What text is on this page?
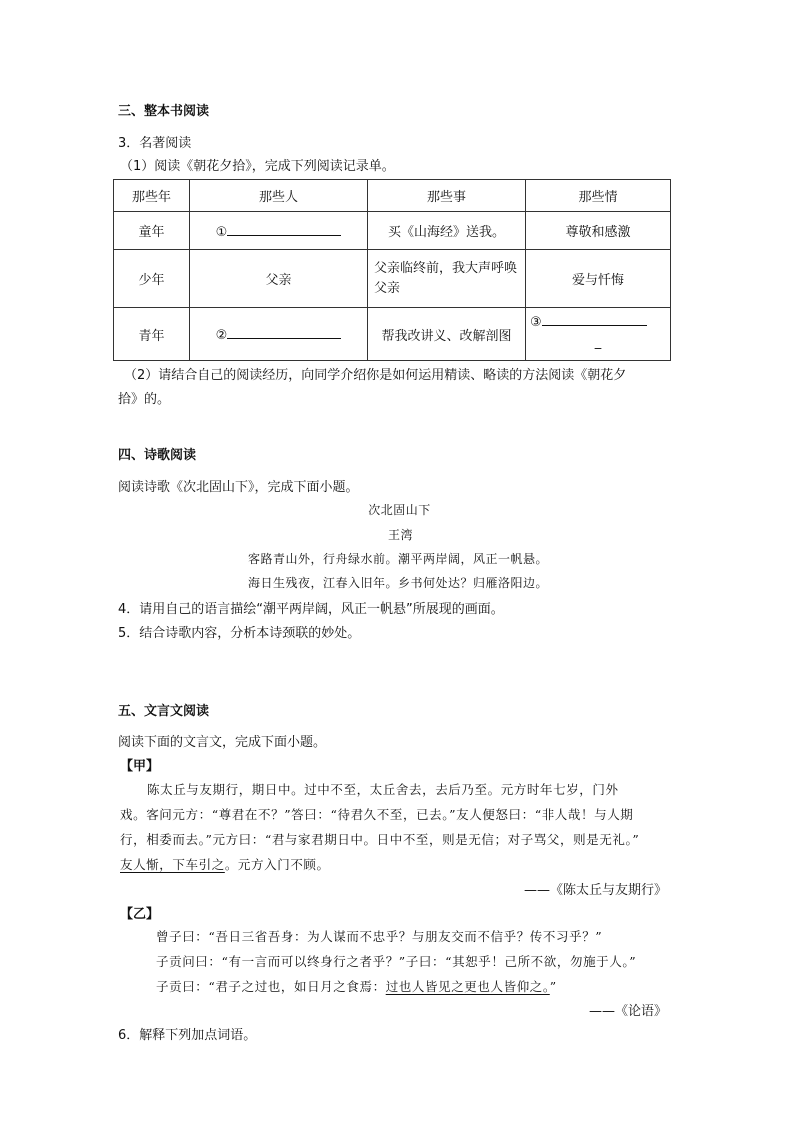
三、整本书阅读
3．名著阅读
（1）阅读《朝花夕拾》，完成下列阅读记录单。
那些年	那些人	那些事	那些情
童年	①	买《山海经》送我。	尊敬和感激
少年	父亲	父亲临终前，我大声呼唤父亲	爱与忏悔
青年	②	帮我改讲义、改解剖图	③
_
（2）请结合自己的阅读经历，向同学介绍你是如何运用精读、略读的方法阅读《朝花夕
拾》的。
四、诗歌阅读
阅读诗歌《次北固山下》，完成下面小题。
次北固山下
王湾
客路青山外，行舟绿水前。潮平两岸阔，风正一帆悬。
海日生残夜，江春入旧年。乡书何处达？归雁洛阳边。
4．请用自己的语言描绘“潮平两岸阔，风正一帆悬”所展现的画面。
5．结合诗歌内容，分析本诗颈联的妙处。
五、文言文阅读
阅读下面的文言文，完成下面小题。
【甲】
陈太丘与友期行，期日中。过中不至，太丘舍去，去后乃至。元方时年七岁，门外
戏。客问元方：“尊君在不？”答曰：“待君久不至，已去。”友人便怒曰：“非人哉！与人期
行，相委而去。”元方曰：“君与家君期日中。日中不至，则是无信；对子骂父，则是无礼。”
友人惭，下车引之。元方入门不顾。
——《陈太丘与友期行》
【乙】
曾子曰：“吾日三省吾身：为人谋而不忠乎？与朋友交而不信乎？传不习乎？”
子贡问曰：“有一言而可以终身行之者乎？”子曰：“其恕乎！己所不欲，勿施于人。”
子贡曰：“君子之过也，如日月之食焉：过也人皆见之更也人皆仰之。”
——《论语》
6．解释下列加点词语。
